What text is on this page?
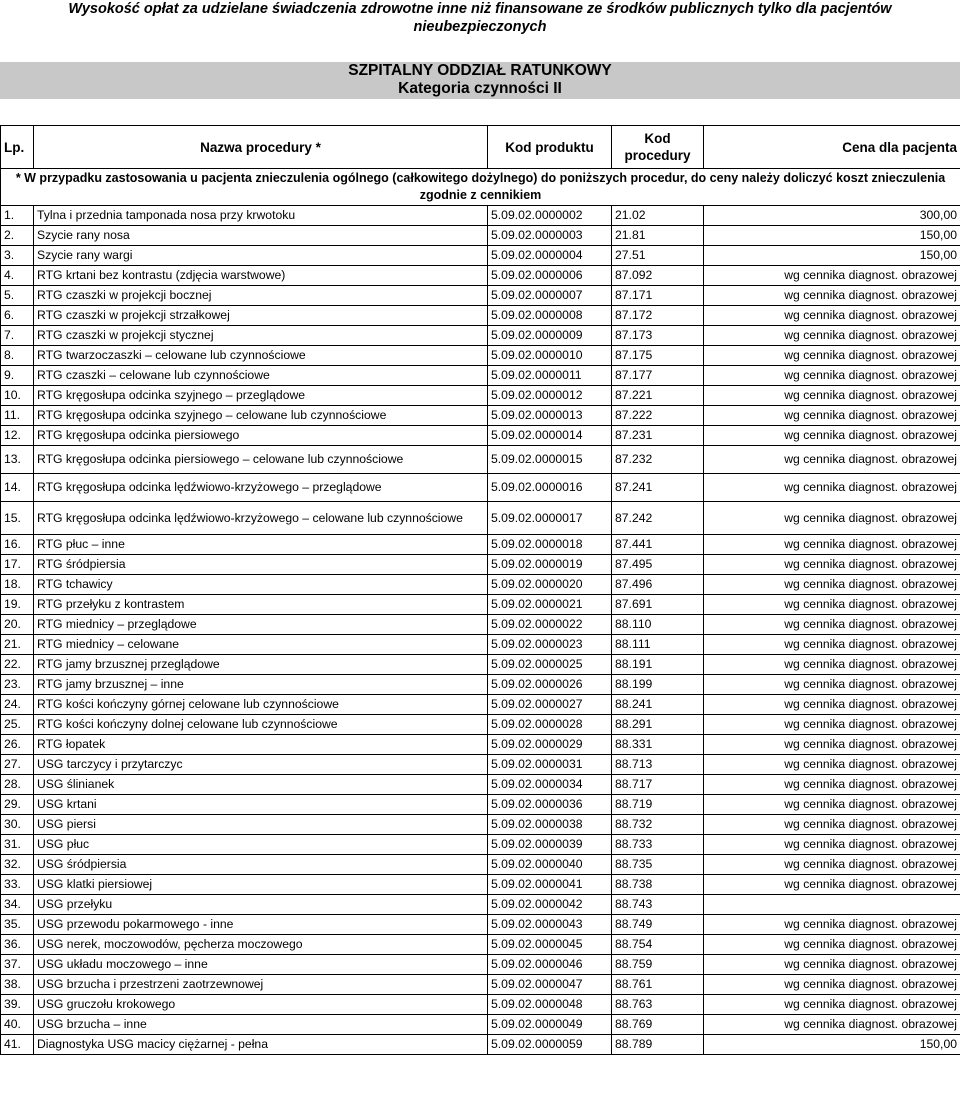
Wysokość opłat za udzielane świadczenia zdrowotne inne niż finansowane ze środków publicznych tylko dla pacjentów nieubezpieczonych
SZPITALNY ODDZIAŁ RATUNKOWY
Kategoria czynności II
Lp.	Nazwa procedury *	Kod produktu	Kod procedury	Cena dla pacjenta
* W przypadku zastosowania u pacjenta znieczulenia ogólnego (całkowitego dożylnego) do poniższych procedur, do ceny należy doliczyć koszt znieczulenia zgodnie z cennikiem				
1.	Tylna i przednia tamponada nosa przy krwotoku	5.09.02.0000002	21.02	300,00
2.	Szycie rany nosa	5.09.02.0000003	21.81	150,00
3.	Szycie rany wargi	5.09.02.0000004	27.51	150,00
4.	RTG krtani bez kontrastu (zdjęcia warstwowe)	5.09.02.0000006	87.092	wg cennika diagnost. obrazowej
5.	RTG czaszki w projekcji bocznej	5.09.02.0000007	87.171	wg cennika diagnost. obrazowej
6.	RTG czaszki w projekcji strzałkowej	5.09.02.0000008	87.172	wg cennika diagnost. obrazowej
7.	RTG czaszki w projekcji stycznej	5.09.02.0000009	87.173	wg cennika diagnost. obrazowej
8.	RTG twarzoczaszki – celowane lub czynnościowe	5.09.02.0000010	87.175	wg cennika diagnost. obrazowej
9.	RTG czaszki – celowane lub czynnościowe	5.09.02.0000011	87.177	wg cennika diagnost. obrazowej
10.	RTG kręgosłupa odcinka szyjnego – przeglądowe	5.09.02.0000012	87.221	wg cennika diagnost. obrazowej
11.	RTG kręgosłupa odcinka szyjnego – celowane lub czynnościowe	5.09.02.0000013	87.222	wg cennika diagnost. obrazowej
12.	RTG kręgosłupa odcinka piersiowego	5.09.02.0000014	87.231	wg cennika diagnost. obrazowej
13.	RTG kręgosłupa odcinka piersiowego – celowane lub czynnościowe	5.09.02.0000015	87.232	wg cennika diagnost. obrazowej
14.	RTG kręgosłupa odcinka lędźwiowo-krzyżowego – przeglądowe	5.09.02.0000016	87.241	wg cennika diagnost. obrazowej
15.	RTG kręgosłupa odcinka lędźwiowo-krzyżowego – celowane lub czynnościowe	5.09.02.0000017	87.242	wg cennika diagnost. obrazowej
16.	RTG płuc – inne	5.09.02.0000018	87.441	wg cennika diagnost. obrazowej
17.	RTG śródpiersia	5.09.02.0000019	87.495	wg cennika diagnost. obrazowej
18.	RTG tchawicy	5.09.02.0000020	87.496	wg cennika diagnost. obrazowej
19.	RTG przełyku z kontrastem	5.09.02.0000021	87.691	wg cennika diagnost. obrazowej
20.	RTG miednicy – przeglądowe	5.09.02.0000022	88.110	wg cennika diagnost. obrazowej
21.	RTG miednicy – celowane	5.09.02.0000023	88.111	wg cennika diagnost. obrazowej
22.	RTG jamy brzusznej przeglądowe	5.09.02.0000025	88.191	wg cennika diagnost. obrazowej
23.	RTG jamy brzusznej – inne	5.09.02.0000026	88.199	wg cennika diagnost. obrazowej
24.	RTG kości kończyny górnej celowane lub czynnościowe	5.09.02.0000027	88.241	wg cennika diagnost. obrazowej
25.	RTG kości kończyny dolnej celowane lub czynnościowe	5.09.02.0000028	88.291	wg cennika diagnost. obrazowej
26.	RTG łopatek	5.09.02.0000029	88.331	wg cennika diagnost. obrazowej
27.	USG tarczycy i przytarczyc	5.09.02.0000031	88.713	wg cennika diagnost. obrazowej
28.	USG ślinianek	5.09.02.0000034	88.717	wg cennika diagnost. obrazowej
29.	USG krtani	5.09.02.0000036	88.719	wg cennika diagnost. obrazowej
30.	USG piersi	5.09.02.0000038	88.732	wg cennika diagnost. obrazowej
31.	USG płuc	5.09.02.0000039	88.733	wg cennika diagnost. obrazowej
32.	USG śródpiersia	5.09.02.0000040	88.735	wg cennika diagnost. obrazowej
33.	USG klatki piersiowej	5.09.02.0000041	88.738	wg cennika diagnost. obrazowej
34.	USG przełyku	5.09.02.0000042	88.743	
35.	USG przewodu pokarmowego - inne	5.09.02.0000043	88.749	wg cennika diagnost. obrazowej
36.	USG nerek, moczowodów, pęcherza moczowego	5.09.02.0000045	88.754	wg cennika diagnost. obrazowej
37.	USG układu moczowego – inne	5.09.02.0000046	88.759	wg cennika diagnost. obrazowej
38.	USG brzucha i przestrzeni zaotrzewnowej	5.09.02.0000047	88.761	wg cennika diagnost. obrazowej
39.	USG gruczołu krokowego	5.09.02.0000048	88.763	wg cennika diagnost. obrazowej
40.	USG brzucha – inne	5.09.02.0000049	88.769	wg cennika diagnost. obrazowej
41.	Diagnostyka USG macicy ciężarnej - pełna	5.09.02.0000059	88.789	150,00
